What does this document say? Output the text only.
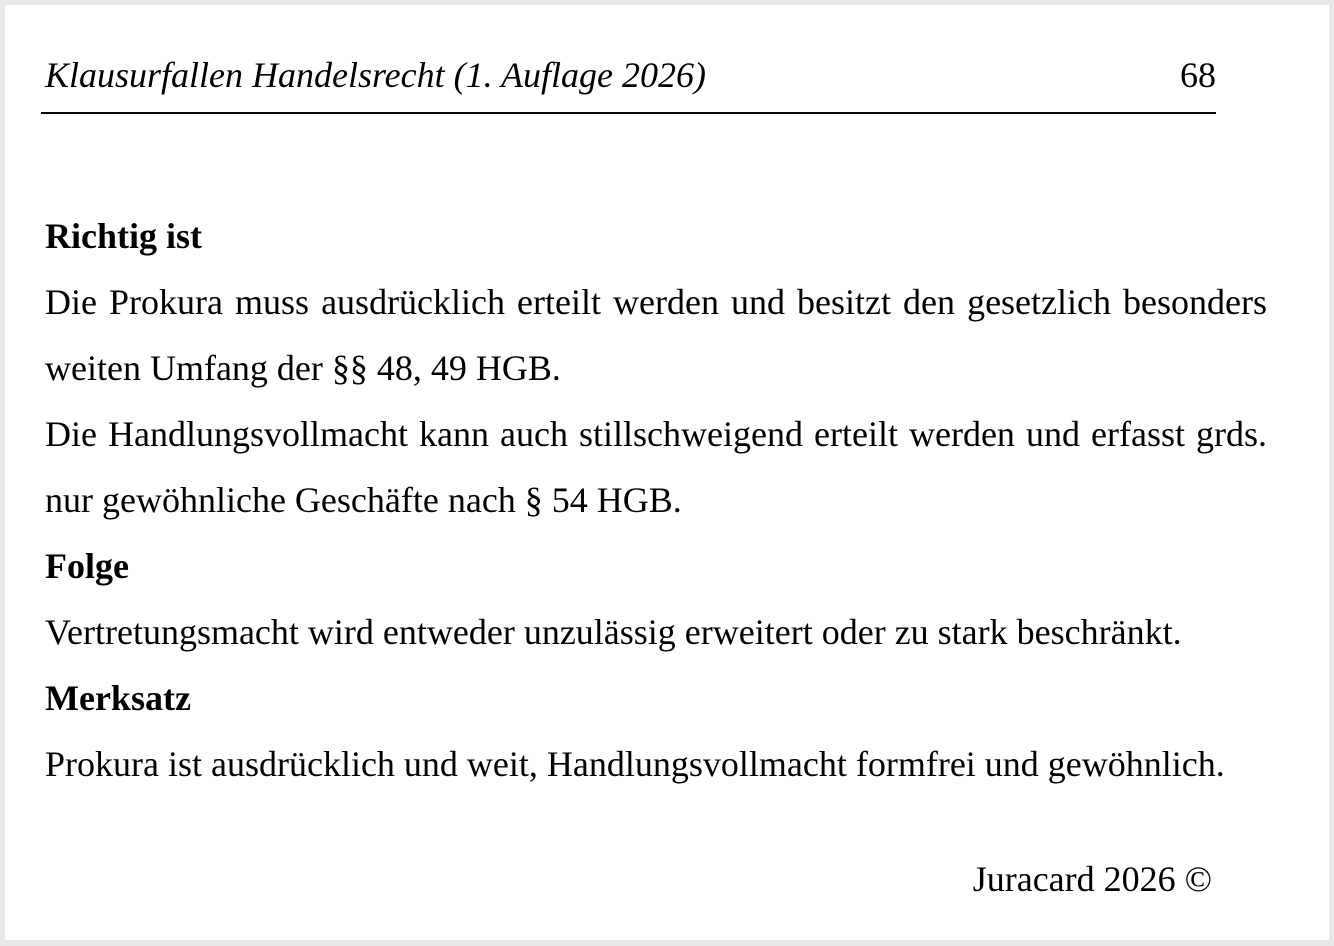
Klausurfallen Handelsrecht (1. Auflage 2026)	68

Richtig ist

Die Prokura muss ausdrücklich erteilt werden und besitzt den gesetzlich besonders weiten Umfang der §§ 48, 49 HGB.

Die Handlungsvollmacht kann auch stillschweigend erteilt werden und erfasst grds. nur gewöhnliche Geschäfte nach § 54 HGB.

Folge

Vertretungsmacht wird entweder unzulässig erweitert oder zu stark beschränkt.

Merksatz

Prokura ist ausdrücklich und weit, Handlungsvollmacht formfrei und gewöhnlich.

Juracard 2026 ©
